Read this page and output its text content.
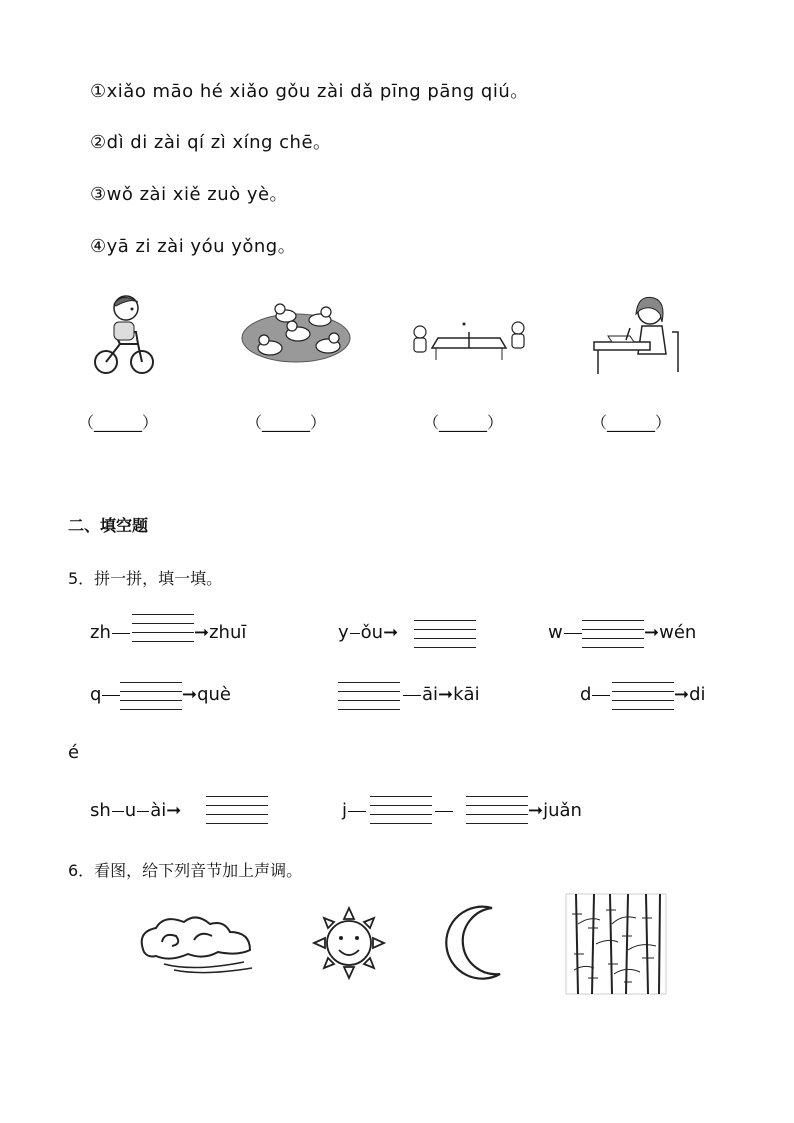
①xiǎo māo hé xiǎo gǒu zài dǎ pīng pāng qiú。
②dì di zài qí zì xíng chē。
③wǒ zài xiě zuò yè。
④yā zi zài yóu yǒng。
（______）	（______）	（______）	（______）
二、填空题
5．拼一拼，填一填。
zh	➞zhuī	y ǒu➞	w	➞wén
q	➞què	āi➞kāi	d	➞di
é
sh u ài➞	j	➞juǎn
6．看图，给下列音节加上声调。
